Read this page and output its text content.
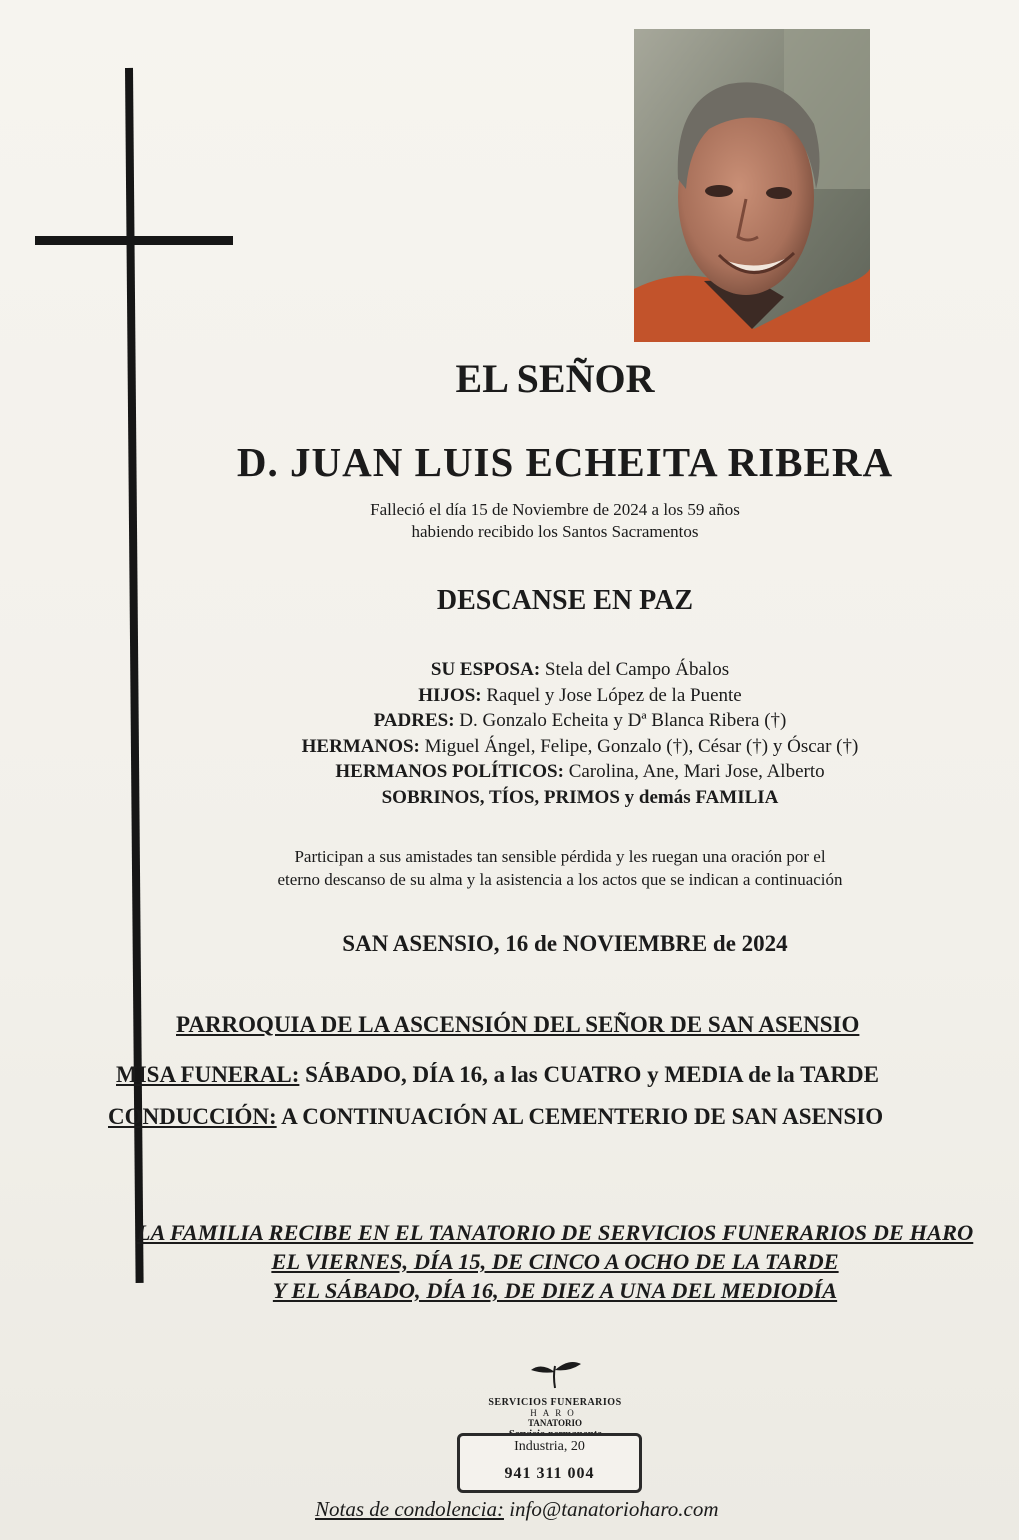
EL SEÑOR
D. JUAN LUIS ECHEITA RIBERA
Falleció el día 15 de Noviembre de 2024 a los 59 años
habiendo recibido los Santos Sacramentos
DESCANSE EN PAZ
SU ESPOSA: Stela del Campo Ábalos
HIJOS: Raquel y Jose López de la Puente
PADRES: D. Gonzalo Echeita y Dª Blanca Ribera (†)
HERMANOS: Miguel Ángel, Felipe, Gonzalo (†), César (†) y Óscar (†)
HERMANOS POLÍTICOS: Carolina, Ane, Mari Jose, Alberto
SOBRINOS, TÍOS, PRIMOS y demás FAMILIA
Participan a sus amistades tan sensible pérdida y les ruegan una oración por el
eterno descanso de su alma y la asistencia a los actos que se indican a continuación
SAN ASENSIO, 16 de NOVIEMBRE de 2024
PARROQUIA DE LA ASCENSIÓN DEL SEÑOR DE SAN ASENSIO
MISA FUNERAL: SÁBADO, DÍA 16, a las CUATRO y MEDIA de la TARDE
CONDUCCIÓN: A CONTINUACIÓN AL CEMENTERIO DE SAN ASENSIO
LA FAMILIA RECIBE EN EL TANATORIO DE SERVICIOS FUNERARIOS DE HARO
EL VIERNES, DÍA 15, DE CINCO A OCHO DE LA TARDE
Y EL SÁBADO, DÍA 16, DE DIEZ A UNA DEL MEDIODÍA
SERVICIOS FUNERARIOS
HARO
TANATORIO
Industria, 20
941 311 004
Notas de condolencia: info@tanatorioharo.com
